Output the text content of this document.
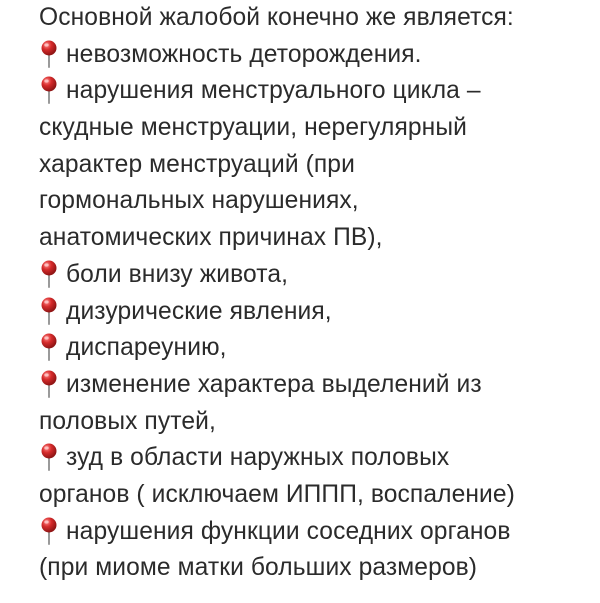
Основной жалобой конечно же является:
невозможность деторождения.
нарушения менструального цикла –
скудные менструации, нерегулярный
характер менструаций (при
гормональных нарушениях,
анатомических причинах ПВ),
боли внизу живота,
дизурические явления,
диспареунию,
изменение характера выделений из
половых путей,
зуд в области наружных половых
органов ( исключаем ИППП, воспаление)
нарушения функции соседних органов
(при миоме матки больших размеров)
